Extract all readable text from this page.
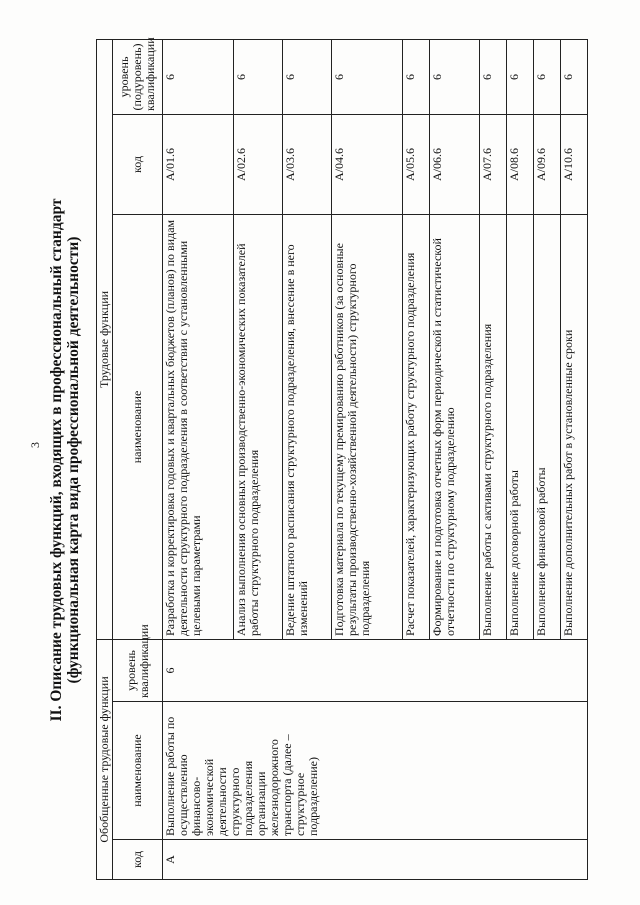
3 II. Описание трудовых функций, входящих в профессиональный стандарт (функциональная карта вида профессиональной деятельности)
Обобщенные трудовые функции			Трудовые функции		
код	наименование	уровень квалификации	наименование	код	уровень (подуровень) квалификации
А	Выполнение работы по осуществлению финансово-экономической деятельности структурного подразделения организации железнодорожного транспорта (далее – структурное подразделение)	6	Разработка и корректировка годовых и квартальных бюджетов (планов) по видам деятельности структурного подразделения в соответствии с установленными целевыми параметрами	A/01.6	6
			Анализ выполнения основных производственно-экономических показателей работы структурного подразделения	A/02.6	6
			Ведение штатного расписания структурного подразделения, внесение в него изменений	A/03.6	6
			Подготовка материала по текущему премированию работников (за основные результаты производственно-хозяйственной деятельности) структурного подразделения	A/04.6	6
			Расчет показателей, характеризующих работу структурного подразделения	A/05.6	6
			Формирование и подготовка отчетных форм периодической и статистической отчетности по структурному подразделению	A/06.6	6
			Выполнение работы с активами структурного подразделения	A/07.6	6
			Выполнение договорной работы	A/08.6	6
			Выполнение финансовой работы	A/09.6	6
			Выполнение дополнительных работ в установленные сроки	A/10.6	6
